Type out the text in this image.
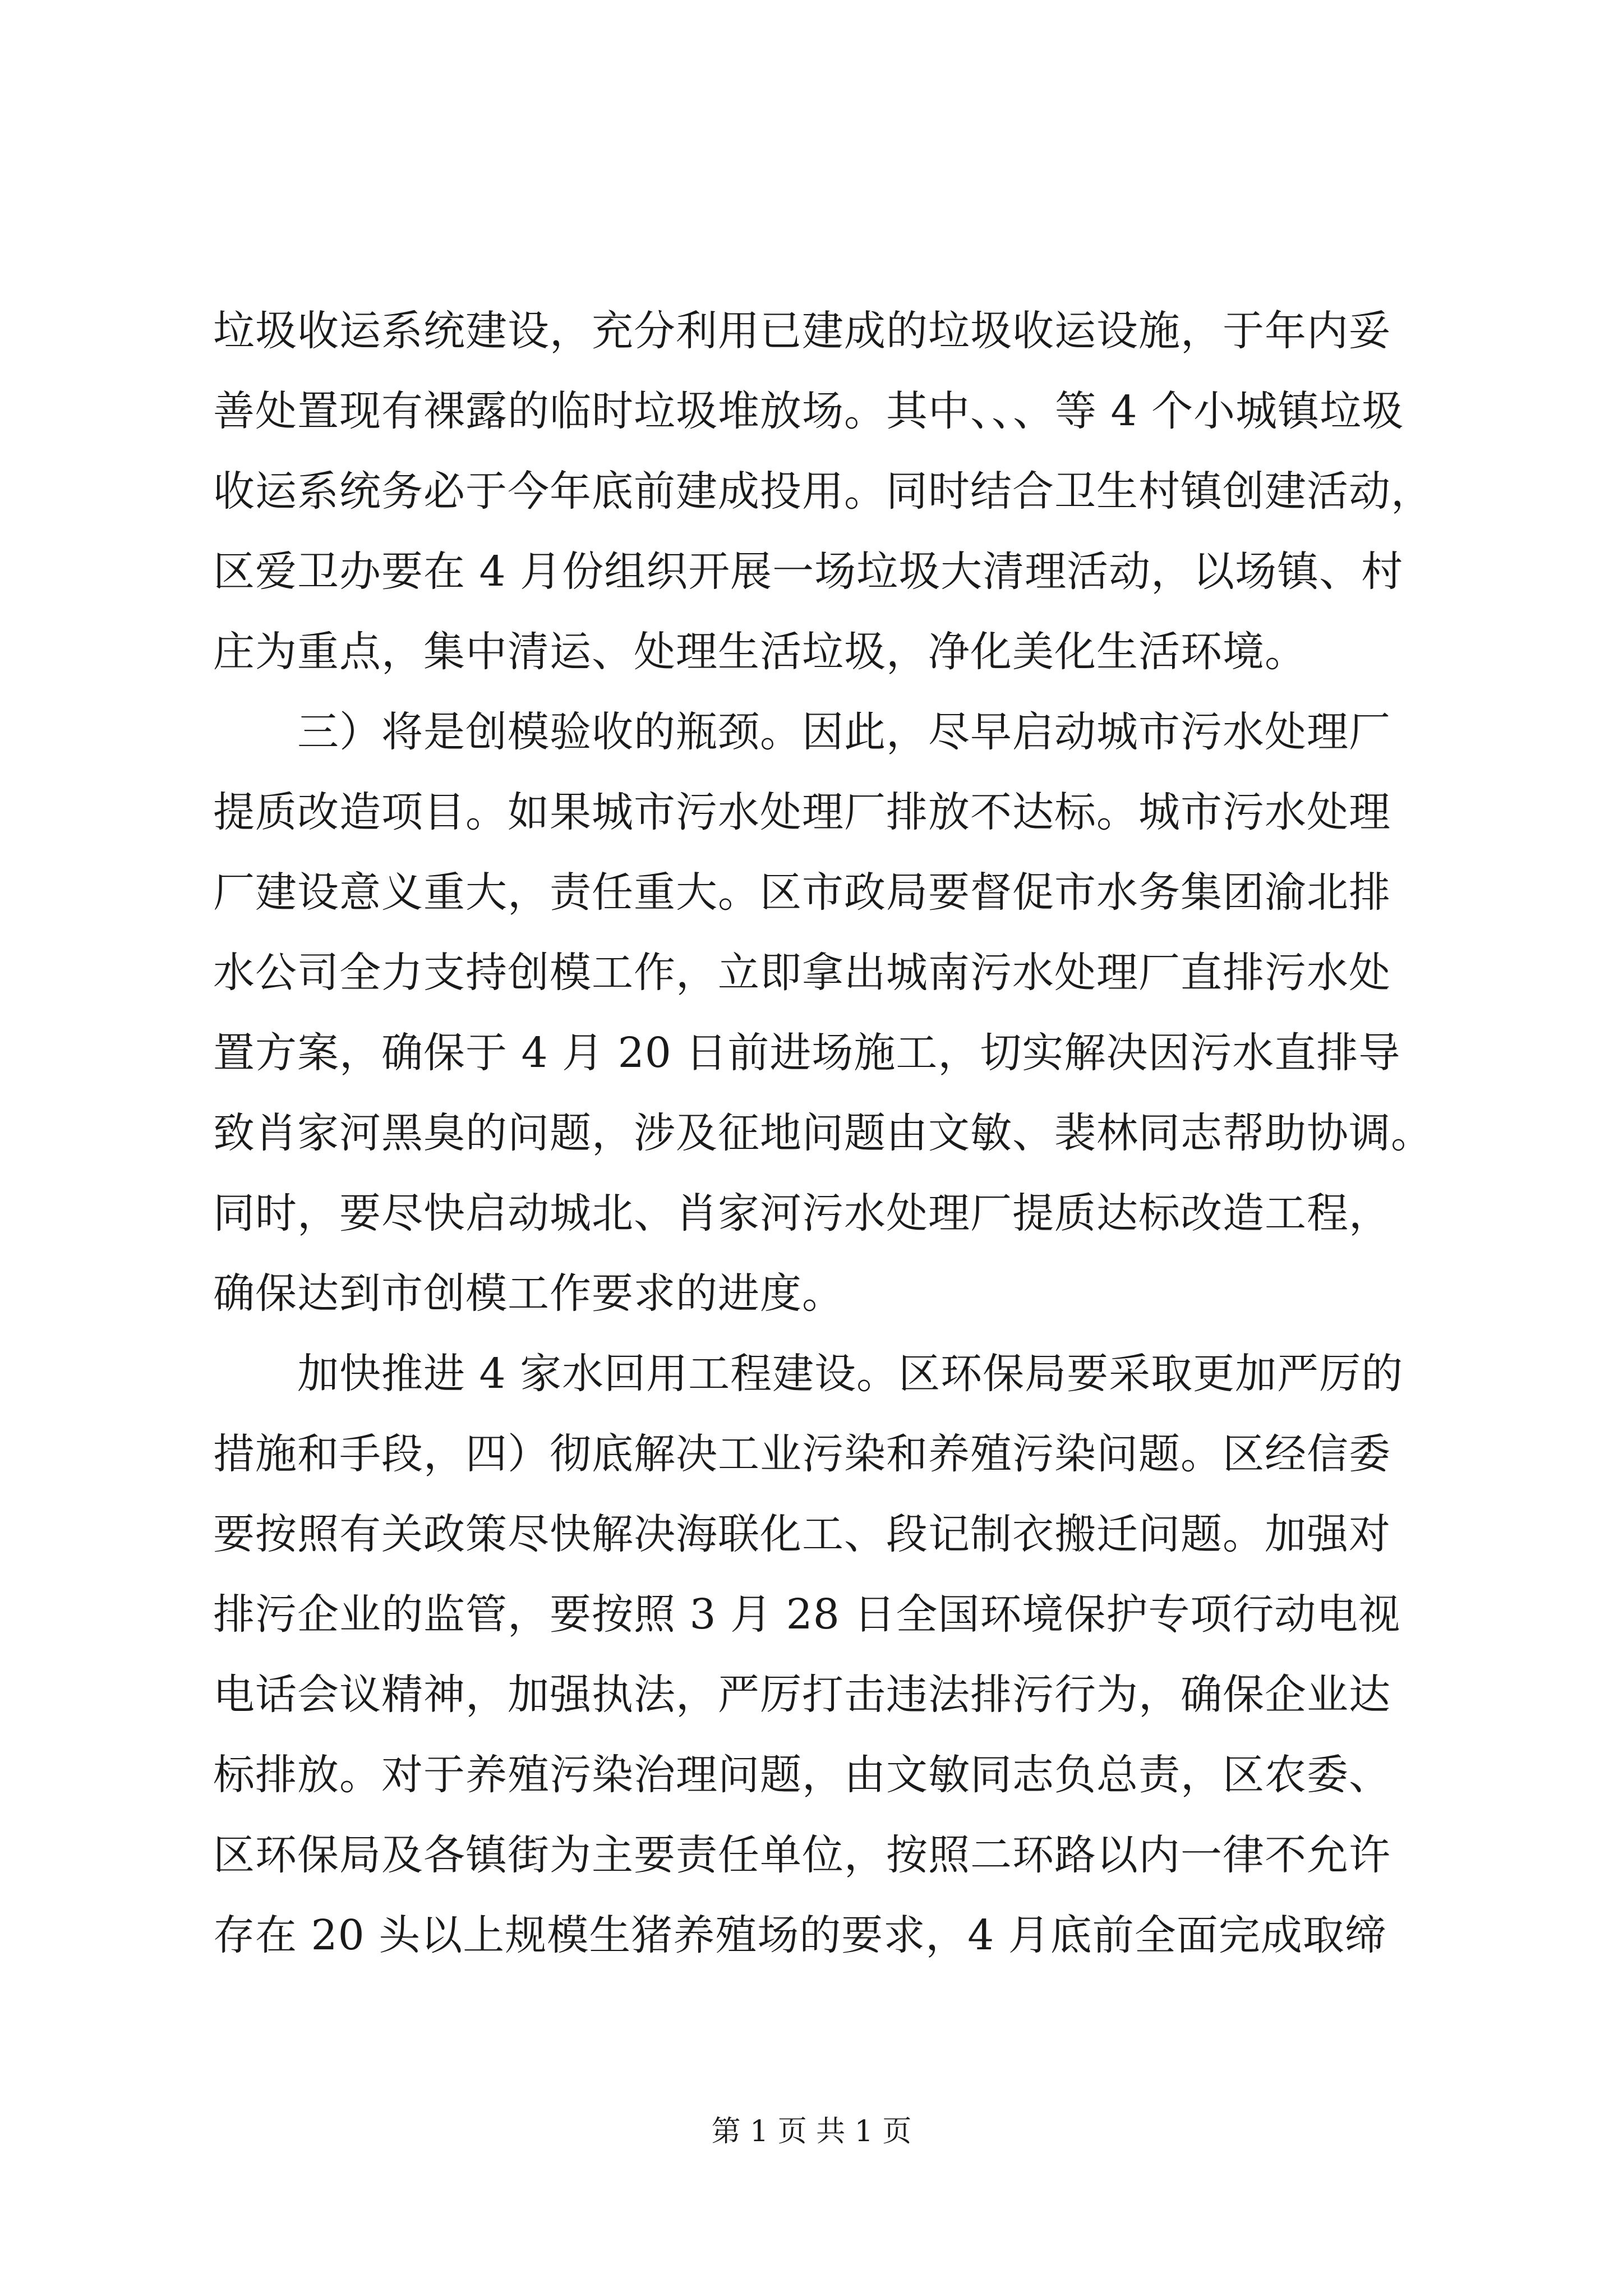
垃圾收运系统建设，充分利用已建成的垃圾收运设施，于年内妥

善处置现有裸露的临时垃圾堆放场。其中、、、等 4 个小城镇垃圾

收运系统务必于今年底前建成投用。同时结合卫生村镇创建活动，

区爱卫办要在 4 月份组织开展一场垃圾大清理活动，以场镇、村

庄为重点，集中清运、处理生活垃圾，净化美化生活环境。

三）将是创模验收的瓶颈。因此，尽早启动城市污水处理厂

提质改造项目。如果城市污水处理厂排放不达标。城市污水处理

厂建设意义重大，责任重大。区市政局要督促市水务集团渝北排

水公司全力支持创模工作，立即拿出城南污水处理厂直排污水处

置方案，确保于 4 月 20 日前进场施工，切实解决因污水直排导

致肖家河黑臭的问题，涉及征地问题由文敏、裴林同志帮助协调。

同时，要尽快启动城北、肖家河污水处理厂提质达标改造工程，

确保达到市创模工作要求的进度。

加快推进 4 家水回用工程建设。区环保局要采取更加严厉的

措施和手段，四）彻底解决工业污染和养殖污染问题。区经信委

要按照有关政策尽快解决海联化工、段记制衣搬迁问题。加强对

排污企业的监管，要按照 3 月 28 日全国环境保护专项行动电视

电话会议精神，加强执法，严厉打击违法排污行为，确保企业达

标排放。对于养殖污染治理问题，由文敏同志负总责，区农委、

区环保局及各镇街为主要责任单位，按照二环路以内一律不允许

存在 20 头以上规模生猪养殖场的要求，4 月底前全面完成取缔

第 1 页 共 1 页
